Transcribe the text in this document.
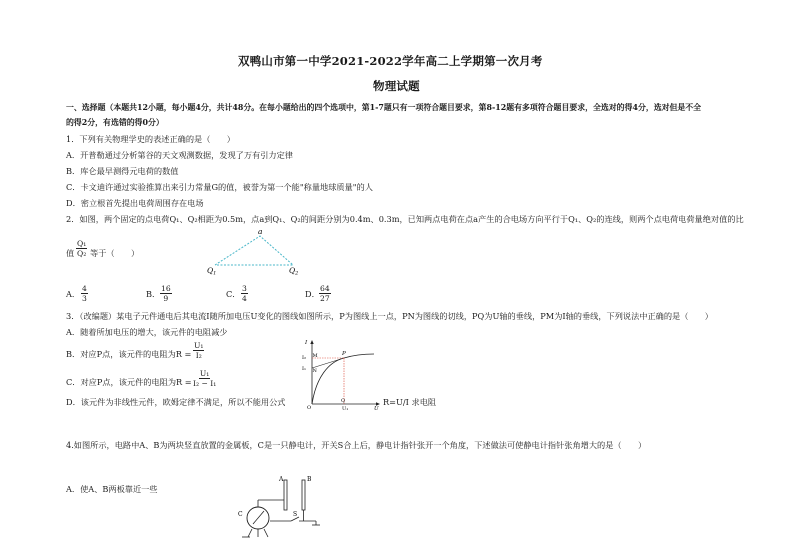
双鸭山市第一中学2021-2022学年高二上学期第一次月考
物理试题
一、选择题（本题共12小题，每小题4分，共计48分。在每小题给出的四个选项中，第1-7题只有一项符合题目要求，第8-12题有多项符合题目要求，全选对的得4分，选对但是不全
的得2分，有选错的得0分）
1．下列有关物理学史的表述正确的是（　　）
A．开普勒通过分析第谷的天文观测数据，发现了万有引力定律
B．库仑最早测得元电荷的数值
C．卡文迪许通过实验推算出来引力常量G的值，被誉为第一个能"称量地球质量"的人
D．密立根首先提出电荷周围存在电场
2．如图，两个固定的点电荷Q₁、Q₂相距为0.5m，点a到Q₁、Q₂的间距分别为0.4m、0.3m，已知两点电荷在点a产生的合电场方向平行于Q₁、Q₂的连线，则两个点电荷电荷量绝对值的比
值 $\frac{\text{Q₁}}{\text{Q₂}}$ 等于（　　）
a
$Q_1$	$Q_2$
A． $\frac{4}{3}$	B． $\frac{16}{9}$	C． $\frac{3}{4}$	D． $\frac{64}{27}$
3．（改编题）某电子元件通电后其电流I随所加电压U变化的图线如图所示，P为图线上一点，PN为图线的切线，PQ为U轴的垂线，PM为I轴的垂线，下列说法中正确的是（　　）
A．随着所加电压的增大，该元件的电阻减少
B．对应P点，该元件的电阻为$R = \frac{\text{U₁}}{\text{I₂}}$
C．对应P点，该元件的电阻为$R = \frac{\text{U₁}}{\text{I₂ − I₁}}$
D．该元件为非线性元件，欧姆定律不满足，所以不能用公式	R=U/I 求电阻
I
I₂ M	P
I₁ N
O
Q
U₁	U
4.如图所示，电路中A、B为两块竖直放置的金属板，C是一只静电计，开关S合上后，静电计指针张开一个角度，下述做法可使静电计指针张角增大的是（　　）
A．使A、B两板靠近一些
A	B
C	S
